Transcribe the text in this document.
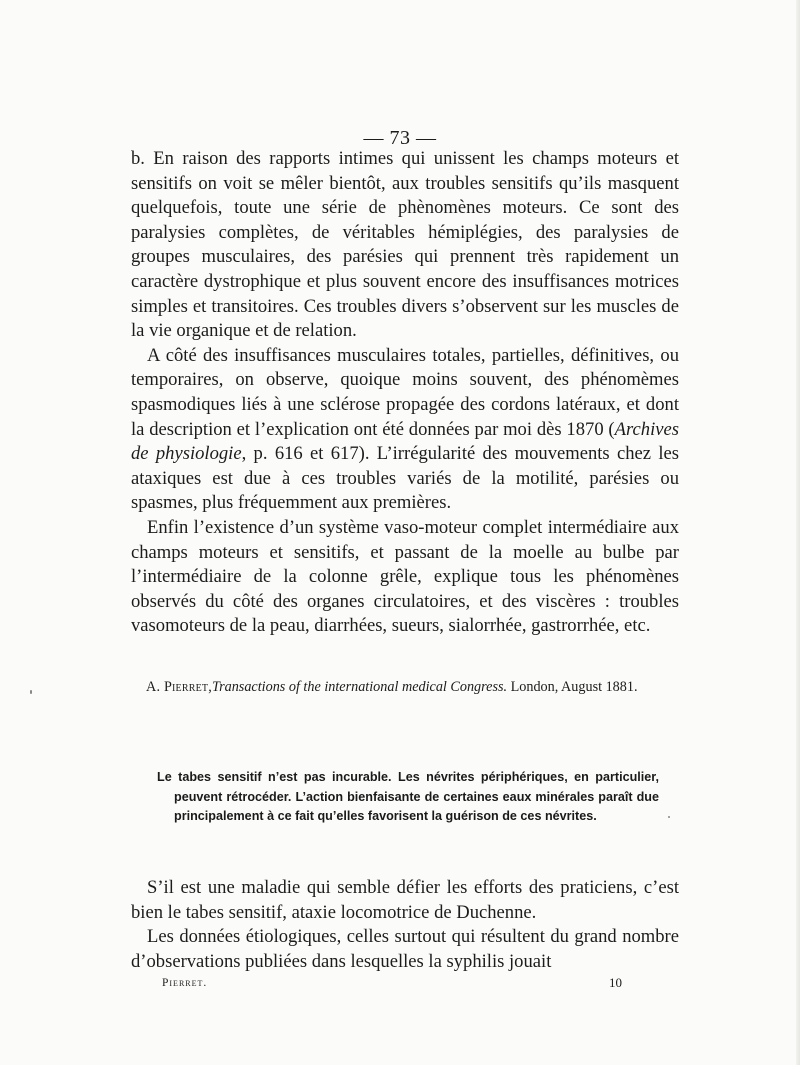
— 73 —

b. En raison des rapports intimes qui unissent les champs moteurs et sensitifs on voit se mêler bientôt, aux troubles sensitifs qu’ils masquent quelquefois, toute une série de phènomènes moteurs. Ce sont des paralysies complètes, de véritables hémiplégies, des paralysies de groupes musculaires, des parésies qui prennent très rapidement un caractère dystrophique et plus souvent encore des insuffisances motrices simples et transitoires. Ces troubles divers s’observent sur les muscles de la vie organique et de relation.

A côté des insuffisances musculaires totales, partielles, définitives, ou temporaires, on observe, quoique moins souvent, des phénomèmes spasmodiques liés à une sclérose propagée des cordons latéraux, et dont la description et l’explication ont été données par moi dès 1870 (Archives de physiologie, p. 616 et 617). L’irrégularité des mouvements chez les ataxiques est due à ces troubles variés de la motilité, parésies ou spasmes, plus fréquemment aux premières.

Enfin l’existence d’un système vaso-moteur complet intermédiaire aux champs moteurs et sensitifs, et passant de la moelle au bulbe par l’intermédiaire de la colonne grêle, explique tous les phénomènes observés du côté des organes circulatoires, et des viscères : troubles vasomoteurs de la peau, diarrhées, sueurs, sialorrhée, gastrorrhée, etc.

A. Pierret,Transactions of the international medical Congress. London, August 1881.

Le tabes sensitif n’est pas incurable. Les névrites périphériques, en particulier, peuvent rétrocéder. L’action bienfaisante de certaines eaux minérales paraît due principalement à ce fait qu’elles favorisent la guérison de ces névrites.

S’il est une maladie qui semble défier les efforts des praticiens, c’est bien le tabes sensitif, ataxie locomotrice de Duchenne.

Les données étiologiques, celles surtout qui résultent du grand nombre d’observations publiées dans lesquelles la syphilis jouait

Pierret.	10
